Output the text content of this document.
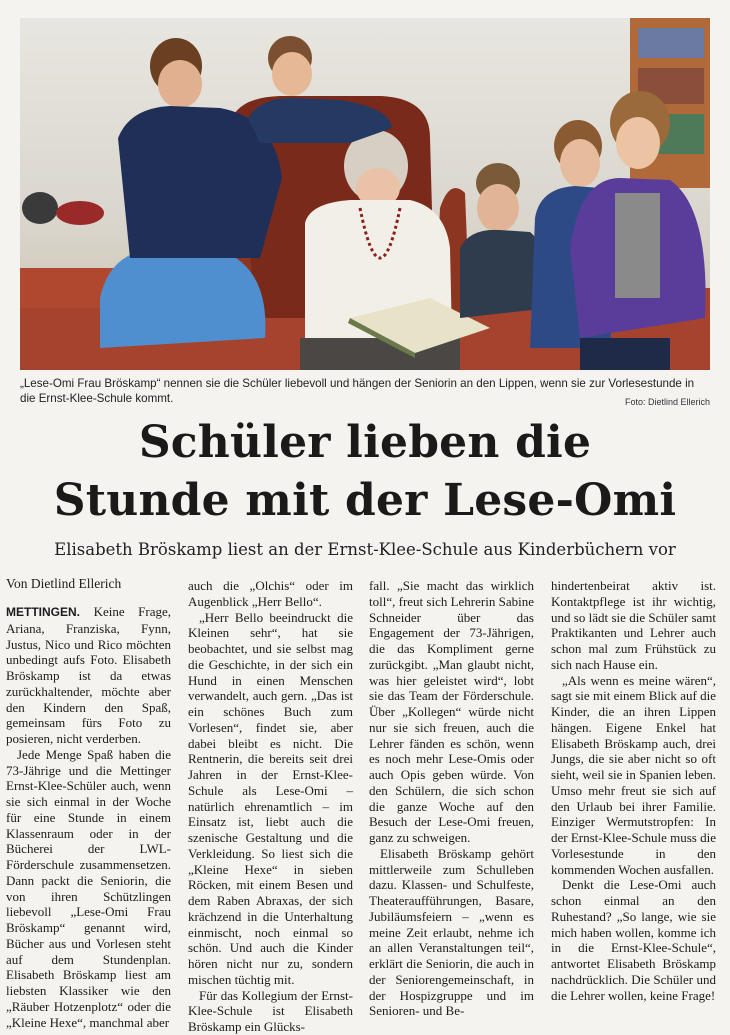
„Lese-Omi Frau Bröskamp“ nennen sie die Schüler liebevoll und hängen der Seniorin an den Lippen, wenn sie zur Vorlesestunde in die Ernst-Klee-Schule kommt.	Foto: Dietlind Ellerich
Schüler lieben die
Stunde mit der Lese-Omi
Elisabeth Bröskamp liest an der Ernst-Klee-Schule aus Kinderbüchern vor
Von Dietlind Ellerich

METTINGEN. Keine Frage, Ariana, Franziska, Fynn, Justus, Nico und Rico möchten unbedingt aufs Foto. Elisabeth Bröskamp ist da etwas zurückhaltender, möchte aber den Kindern den Spaß, gemeinsam fürs Foto zu posieren, nicht verderben.

Jede Menge Spaß haben die 73-Jährige und die Mettinger Ernst-Klee-Schüler auch, wenn sie sich einmal in der Woche für eine Stunde in einem Klassenraum oder in der Bücherei der LWL-Förderschule zusammensetzen. Dann packt die Seniorin, die von ihren Schützlingen liebevoll „Lese-Omi Frau Bröskamp“ genannt wird, Bücher aus und Vorlesen steht auf dem Stundenplan. Elisabeth Bröskamp liest am liebsten Klassiker wie den „Räuber Hotzenplotz“ oder die „Kleine Hexe“, manchmal aber

auch die „Olchis“ oder im Augenblick „Herr Bello“.

„Herr Bello beeindruckt die Kleinen sehr“, hat sie beobachtet, und sie selbst mag die Geschichte, in der sich ein Hund in einen Menschen verwandelt, auch gern. „Das ist ein schönes Buch zum Vorlesen“, findet sie, aber dabei bleibt es nicht. Die Rentnerin, die bereits seit drei Jahren in der Ernst-Klee-Schule als Lese-Omi – natürlich ehrenamtlich – im Einsatz ist, liebt auch die szenische Gestaltung und die Verkleidung. So liest sich die „Kleine Hexe“ in sieben Röcken, mit einem Besen und dem Raben Abraxas, der sich krächzend in die Unterhaltung einmischt, noch einmal so schön. Und auch die Kinder hören nicht nur zu, sondern mischen tüchtig mit.

Für das Kollegium der Ernst-Klee-Schule ist Elisabeth Bröskamp ein Glücks-

fall. „Sie macht das wirklich toll“, freut sich Lehrerin Sabine Schneider über das Engagement der 73-Jährigen, die das Kompliment gerne zurückgibt. „Man glaubt nicht, was hier geleistet wird“, lobt sie das Team der Förderschule. Über „Kollegen“ würde nicht nur sie sich freuen, auch die Lehrer fänden es schön, wenn es noch mehr Lese-Omis oder auch Opis geben würde. Von den Schülern, die sich schon die ganze Woche auf den Besuch der Lese-Omi freuen, ganz zu schweigen.

Elisabeth Bröskamp gehört mittlerweile zum Schulleben dazu. Klassen- und Schulfeste, Theateraufführungen, Basare, Jubiläumsfeiern – „wenn es meine Zeit erlaubt, nehme ich an allen Veranstaltungen teil“, erklärt die Seniorin, die auch in der Seniorengemeinschaft, in der Hospizgruppe und im Senioren- und Be-

hindertenbeirat aktiv ist. Kontaktpflege ist ihr wichtig, und so lädt sie die Schüler samt Praktikanten und Lehrer auch schon mal zum Frühstück zu sich nach Hause ein.

„Als wenn es meine wären“, sagt sie mit einem Blick auf die Kinder, die an ihren Lippen hängen. Eigene Enkel hat Elisabeth Bröskamp auch, drei Jungs, die sie aber nicht so oft sieht, weil sie in Spanien leben. Umso mehr freut sie sich auf den Urlaub bei ihrer Familie. Einziger Wermutstropfen: In der Ernst-Klee-Schule muss die Vorlesestunde in den kommenden Wochen ausfallen.

Denkt die Lese-Omi auch schon einmal an den Ruhestand? „So lange, wie sie mich haben wollen, komme ich in die Ernst-Klee-Schule“, antwortet Elisabeth Bröskamp nachdrücklich. Die Schüler und die Lehrer wollen, keine Frage!
